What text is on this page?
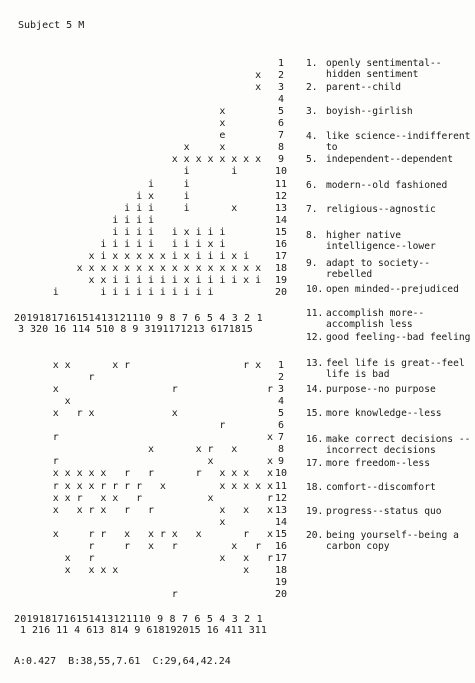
Subject 5 M
1
2
x
3
x
4
5
x
6
x
7
e
8
x
x
9
x
x
x
x
x
x
x
x
10
i
i
11
i
i
12
i
x
i
13
x
i
i
i
i
14
i
i
i
i
15
i
i
i
x
i
i
i
i
i
16
i
x
i
i
i
i
i
i
i
i
17
i
x
i
i
i
x
i
x
x
x
x
x
i
x
18
x
x
x
x
x
x
x
x
x
x
x
x
x
x
x
x
19
i
x
i
i
i
i
x
i
i
i
i
i
i
x
x
20
i
i
i
i
i
i
i
i
i
i
i
1
x
r
r
x
x
x
2
r
3
r
r
x
4
x
5
x
x
r
x
6
r
7
x
r
8
x
r
x
x
9
x
x
r
10
x
x
x
x
r
r
r
x
x
x
x
x
11
x
x
x
x
x
x
r
r
r
r
x
x
x
r
12
r
x
r
x
x
r
x
x
13
x
x
x
r
r
x
r
x
x
14
x
15
x
r
x
x
r
x
x
r
r
x
16
r
x
r
x
r
r
17
r
x
x
r
x
18
x
x
x
x
x
19
20
r
2019181716151413121110 9 8 7 6 5 4 3 2 1
3 320 16 114 510 8 9 3191171213 6171815
2019181716151413121110 9 8 7 6 5 4 3 2 1
1 216 11 4 613 814 9 618192015 16 411 311
1. openly sentimental--hidden sentiment
2. parent--child
3. boyish--girlish
4. like science--indifferent to
5. independent--dependent
6. modern--old fashioned
7. religious--agnostic
8. higher native intelligence--lower
9. adapt to society--rebelled
10. open minded--prejudiced
11. accomplish more--accomplish less
12. good feeling--bad feeling
13. feel life is great--feel life is bad
14. purpose--no purpose
15. more knowledge--less
16. make correct decisions --incorrect decisions
17. more freedom--less
18. comfort--discomfort
19. progress--status quo
20. being yourself--being a carbon copy
A:0.427  B:38,55,7.61  C:29,64,42.24
